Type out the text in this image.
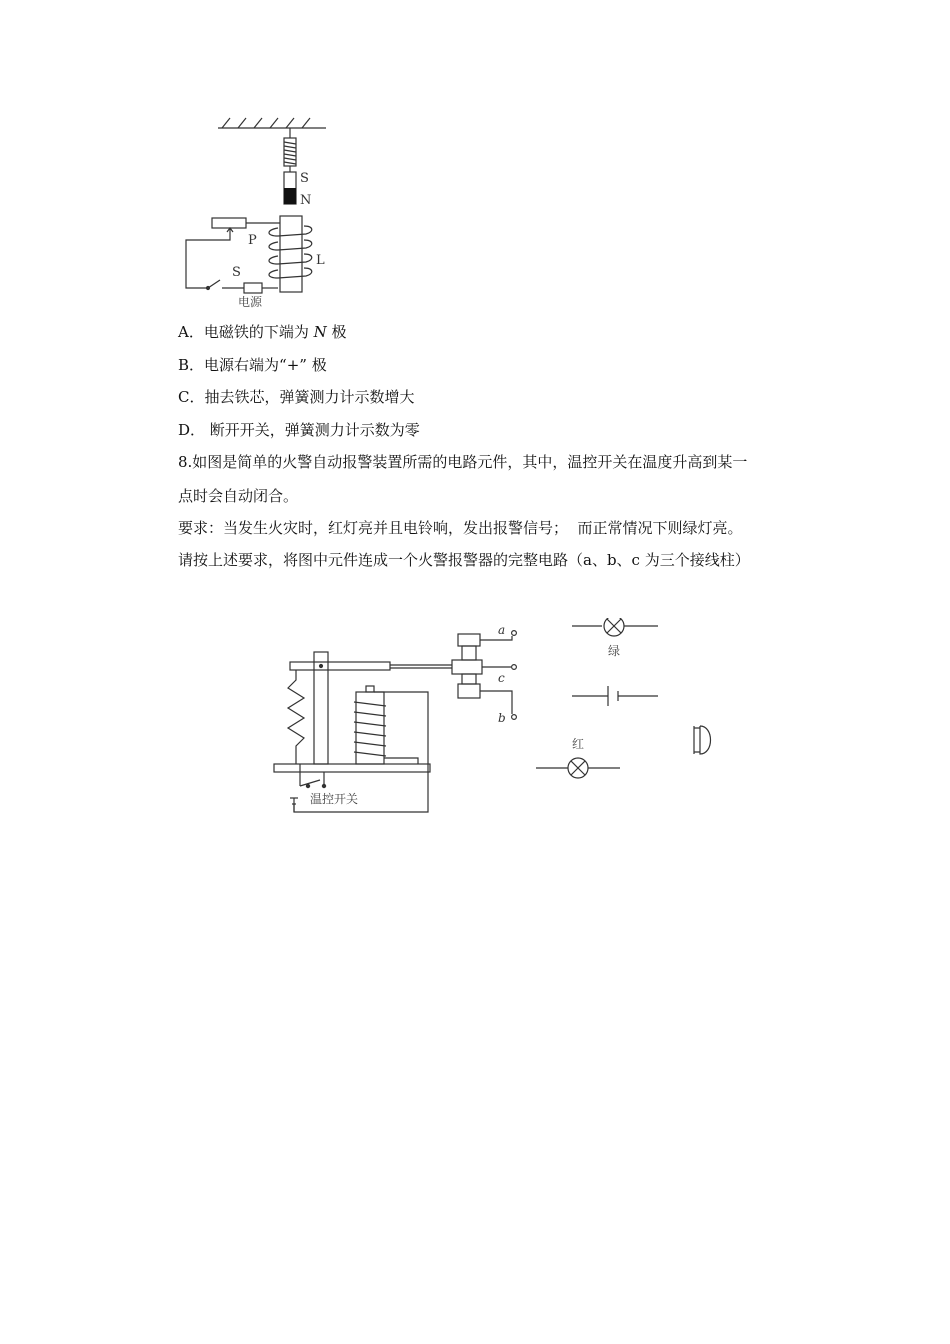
S
N
P
L
S
电源
A．电磁铁的下端为 N 极
B．电源右端为“+” 极
C．抽去铁芯，弹簧测力计示数增大
D． 断开开关，弹簧测力计示数为零
8.如图是简单的火警自动报警装置所需的电路元件，其中，温控开关在温度升高到某一
点时会自动闭合。
要求：当发生火灾时，红灯亮并且电铃响，发出报警信号；  而正常情况下则绿灯亮。
请按上述要求，将图中元件连成一个火警报警器的完整电路（a、b、c 为三个接线柱）
a
c
b
温控开关
绿
红
